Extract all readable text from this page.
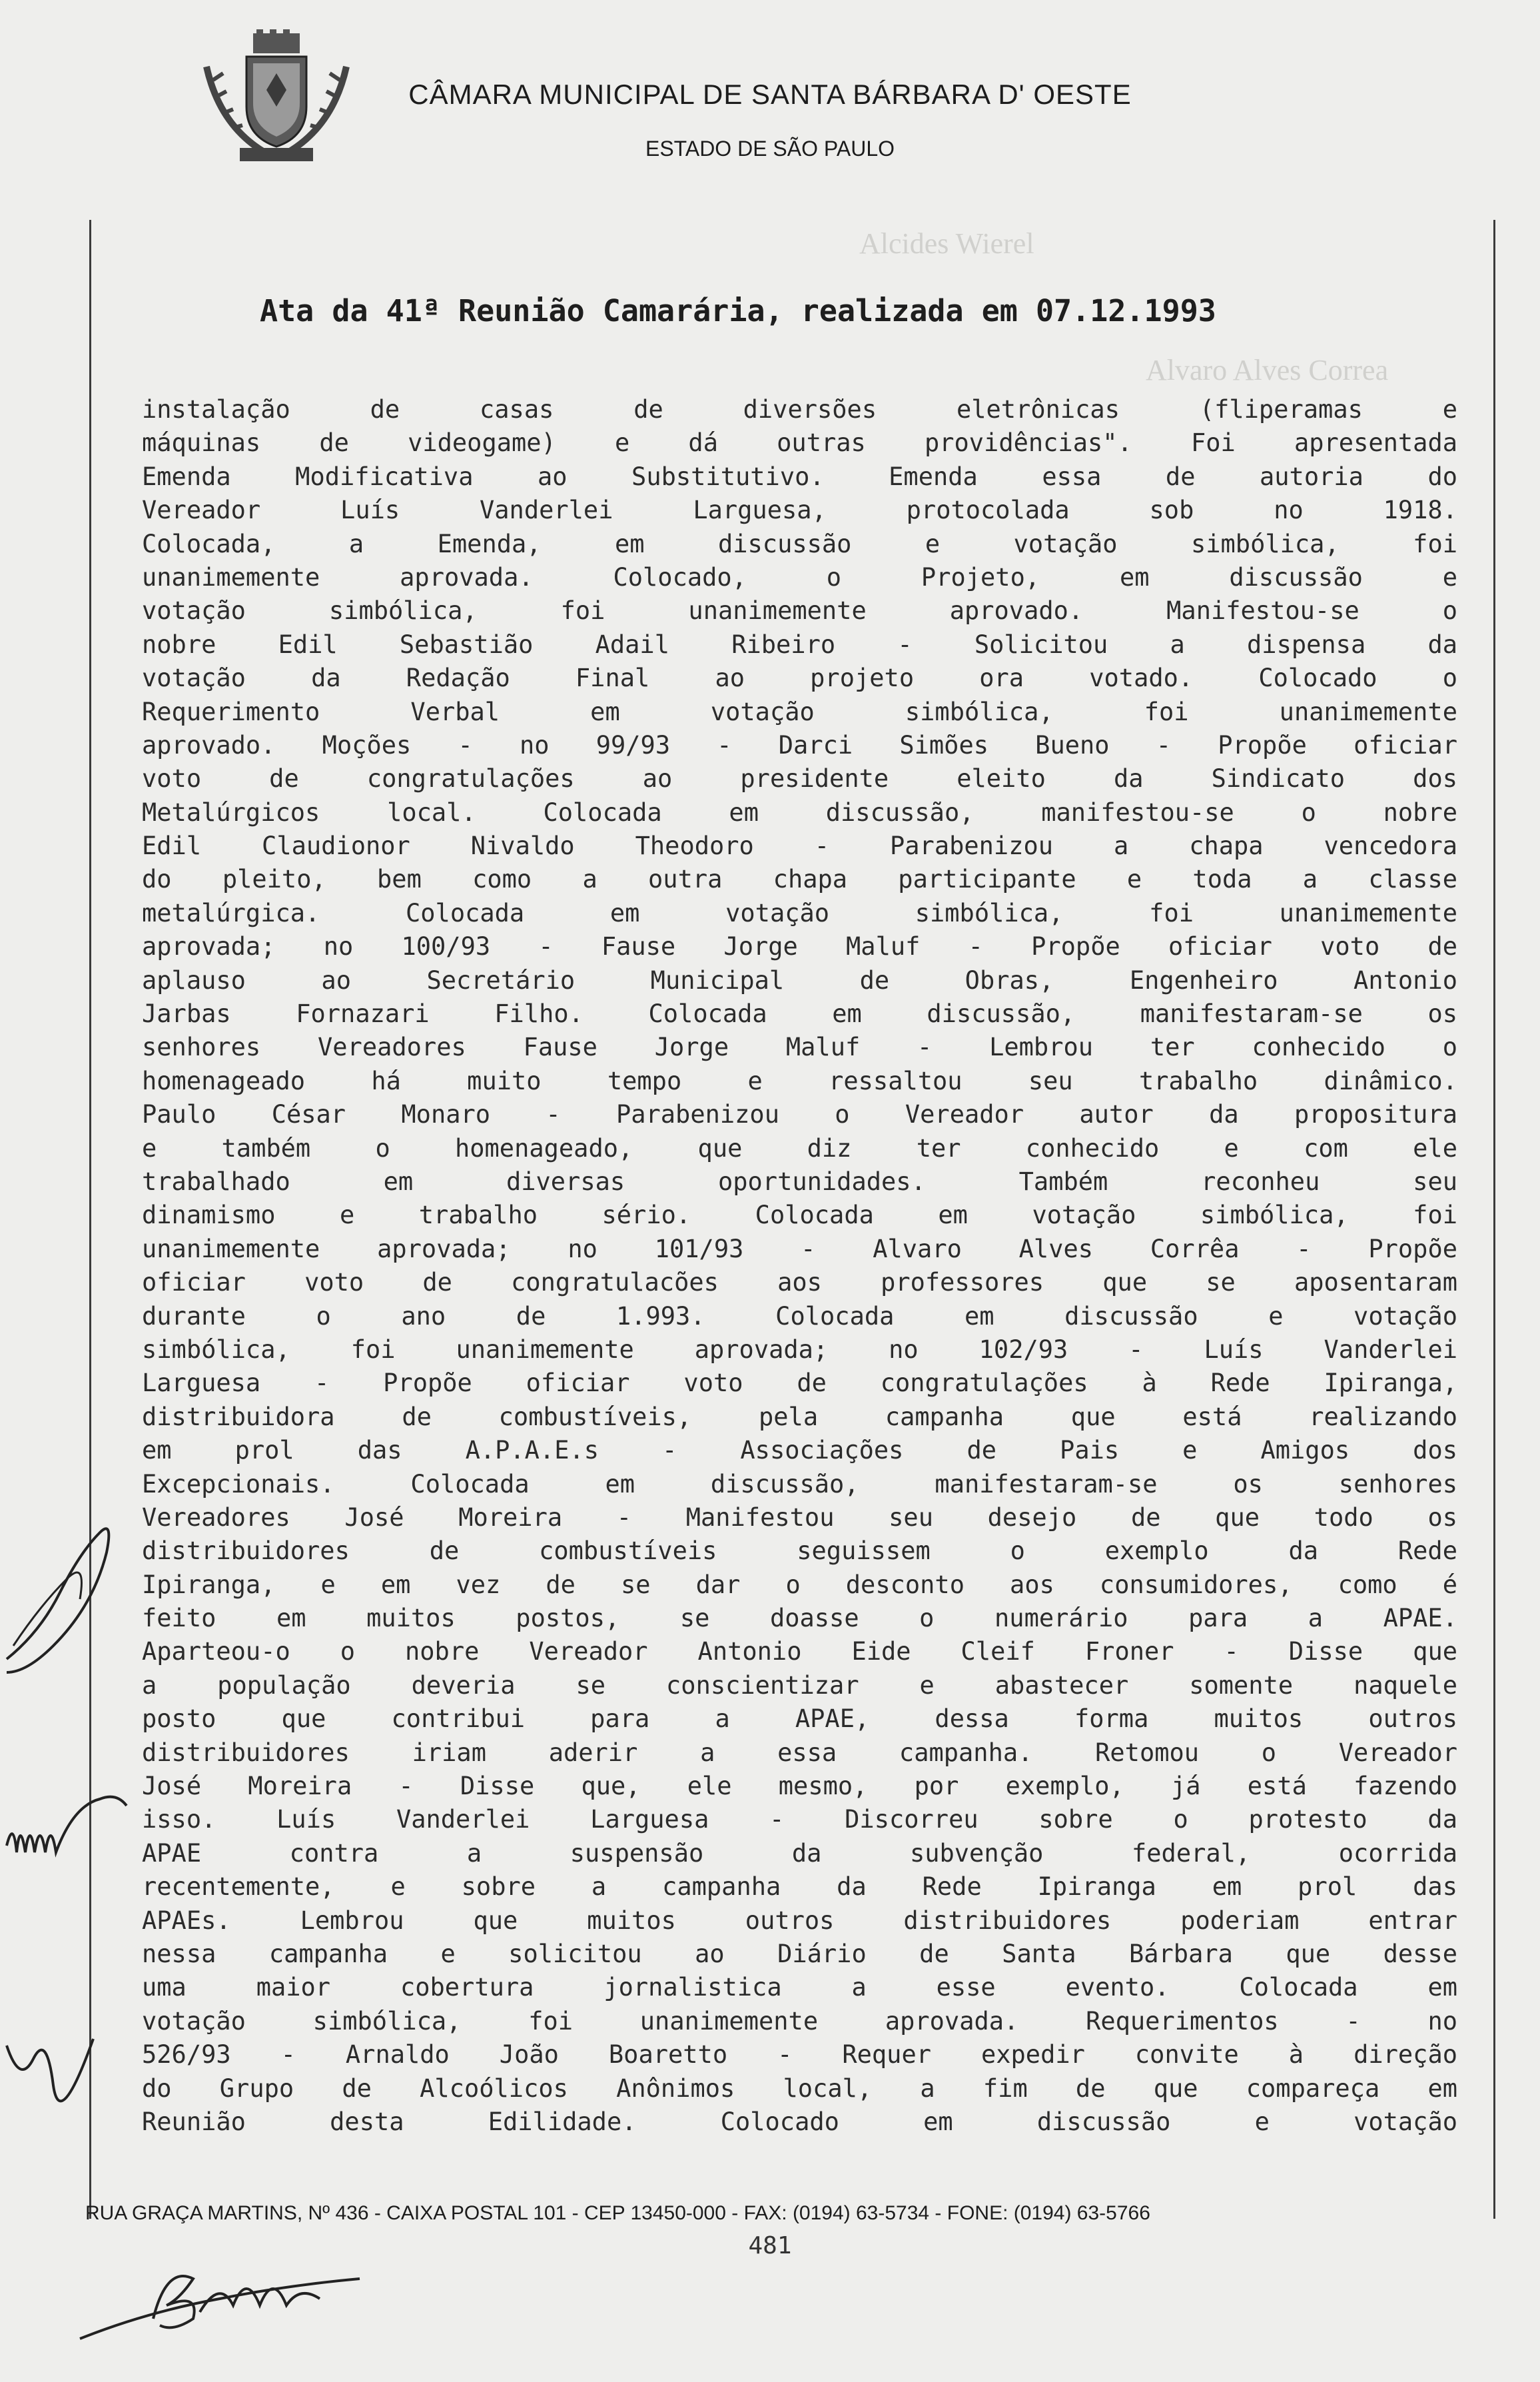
CÂMARA MUNICIPAL DE SANTA BÁRBARA D' OESTE
ESTADO DE SÃO PAULO
Alcides Wierel
Alvaro Alves Correa
Ata da 41ª Reunião Camarária, realizada em 07.12.1993
instalação de casas de diversões eletrônicas (fliperamas e
máquinas de videogame) e dá outras providências". Foi apresentada
Emenda Modificativa ao Substitutivo. Emenda essa de autoria do
Vereador Luís Vanderlei Larguesa, protocolada sob no 1918.
Colocada, a Emenda, em discussão e votação simbólica, foi
unanimemente aprovada. Colocado, o Projeto, em discussão e
votação simbólica, foi unanimemente aprovado. Manifestou-se o
nobre Edil Sebastião Adail Ribeiro - Solicitou a dispensa da
votação da Redação Final ao projeto ora votado. Colocado o
Requerimento Verbal em votação simbólica, foi unanimemente
aprovado. Moções - no 99/93 - Darci Simões Bueno - Propõe oficiar
voto de congratulações ao presidente eleito da Sindicato dos
Metalúrgicos local. Colocada em discussão, manifestou-se o nobre
Edil Claudionor Nivaldo Theodoro - Parabenizou a chapa vencedora
do pleito, bem como a outra chapa participante e toda a classe
metalúrgica. Colocada em votação simbólica, foi unanimemente
aprovada; no 100/93 - Fause Jorge Maluf - Propõe oficiar voto de
aplauso ao Secretário Municipal de Obras, Engenheiro Antonio
Jarbas Fornazari Filho. Colocada em discussão, manifestaram-se os
senhores Vereadores Fause Jorge Maluf - Lembrou ter conhecido o
homenageado há muito tempo e ressaltou seu trabalho dinâmico.
Paulo César Monaro - Parabenizou o Vereador autor da propositura
e também o homenageado, que diz ter conhecido e com ele
trabalhado em diversas oportunidades. Também reconheu seu
dinamismo e trabalho sério. Colocada em votação simbólica, foi
unanimemente aprovada; no 101/93 - Alvaro Alves Corrêa - Propõe
oficiar voto de congratulacões aos professores que se aposentaram
durante o ano de 1.993. Colocada em discussão e votação
simbólica, foi unanimemente aprovada; no 102/93 - Luís Vanderlei
Larguesa - Propõe oficiar voto de congratulações à Rede Ipiranga,
distribuidora de combustíveis, pela campanha que está realizando
em prol das A.P.A.E.s - Associações de Pais e Amigos dos
Excepcionais. Colocada em discussão, manifestaram-se os senhores
Vereadores José Moreira - Manifestou seu desejo de que todo os
distribuidores de combustíveis seguissem o exemplo da Rede
Ipiranga, e em vez de se dar o desconto aos consumidores, como é
feito em muitos postos, se doasse o numerário para a APAE.
Aparteou-o o nobre Vereador Antonio Eide Cleif Froner - Disse que
a população deveria se conscientizar e abastecer somente naquele
posto que contribui para a APAE, dessa forma muitos outros
distribuidores iriam aderir a essa campanha. Retomou o Vereador
José Moreira - Disse que, ele mesmo, por exemplo, já está fazendo
isso. Luís Vanderlei Larguesa - Discorreu sobre o protesto da
APAE contra a suspensão da subvenção federal, ocorrida
recentemente, e sobre a campanha da Rede Ipiranga em prol das
APAEs. Lembrou que muitos outros distribuidores poderiam entrar
nessa campanha e solicitou ao Diário de Santa Bárbara que desse
uma maior cobertura jornalistica a esse evento. Colocada em
votação simbólica, foi unanimemente aprovada. Requerimentos - no
526/93 - Arnaldo João Boaretto - Requer expedir convite à direção
do Grupo de Alcoólicos Anônimos local, a fim de que compareça em
Reunião desta Edilidade. Colocado em discussão e votação
RUA GRAÇA MARTINS, Nº 436 - CAIXA POSTAL 101 - CEP 13450-000 - FAX: (0194) 63-5734 - FONE: (0194) 63-5766
481
